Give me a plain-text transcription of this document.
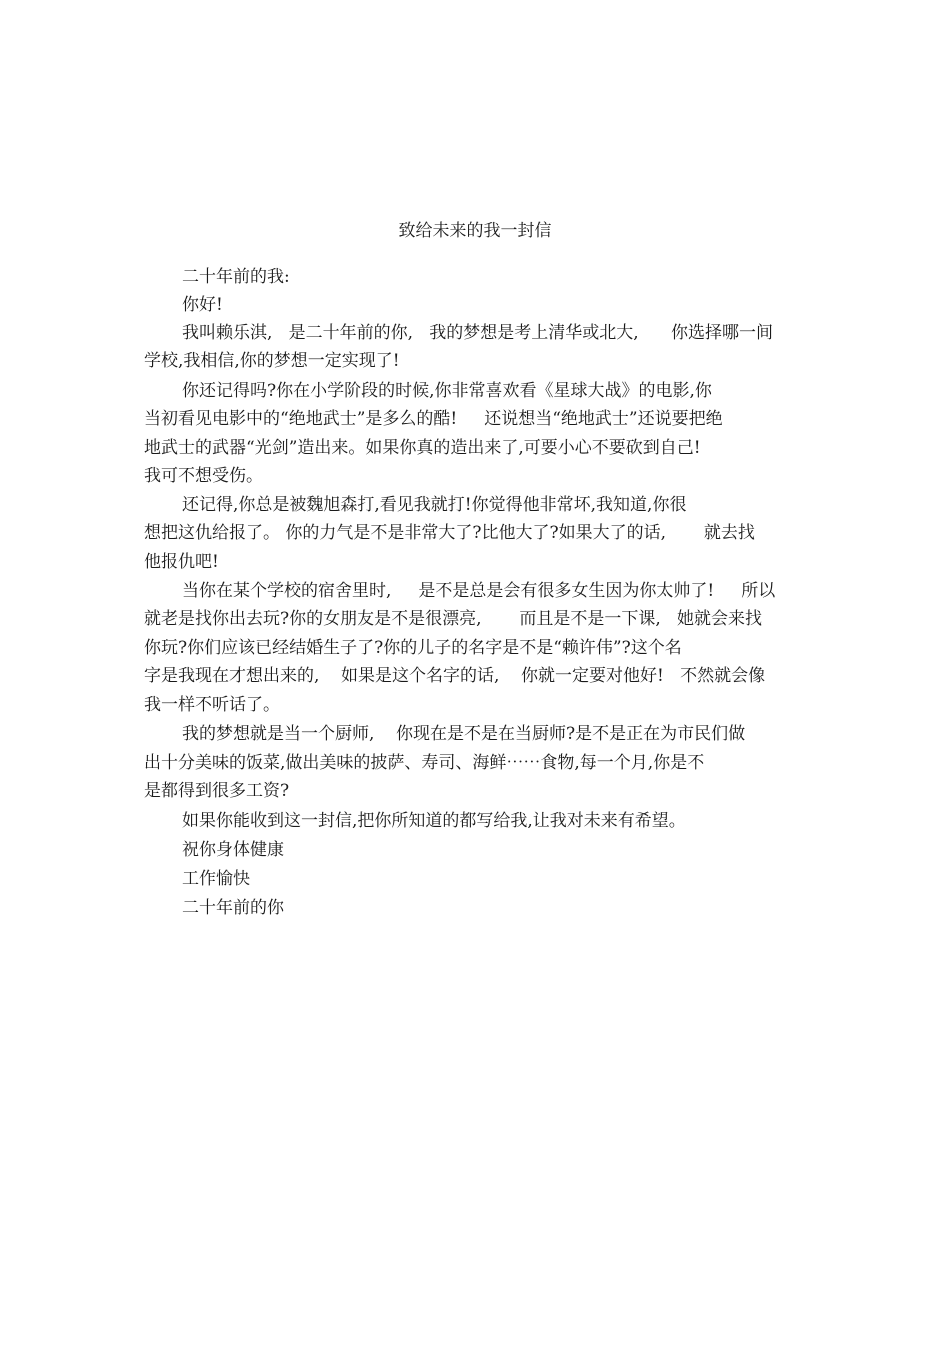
致给未来的我一封信
二十年前的我:
你好!
我叫赖乐淇,   是二十年前的你,   我的梦想是考上清华或北大,      你选择哪一间
学校,我相信,你的梦想一定实现了!
你还记得吗?你在小学阶段的时候,你非常喜欢看《星球大战》的电影,你
当初看见电影中的“绝地武士”是多么的酷!     还说想当“绝地武士”还说要把绝
地武士的武器“光剑”造出来。如果你真的造出来了,可要小心不要砍到自己!
我可不想受伤。
还记得,你总是被魏旭森打,看见我就打!你觉得他非常坏,我知道,你很
想把这仇给报了。 你的力气是不是非常大了?比他大了?如果大了的话,       就去找
他报仇吧!
当你在某个学校的宿舍里时,     是不是总是会有很多女生因为你太帅了!     所以
就老是找你出去玩?你的女朋友是不是很漂亮,       而且是不是一下课,   她就会来找
你玩?你们应该已经结婚生子了?你的儿子的名字是不是“赖许伟”?这个名
字是我现在才想出来的,    如果是这个名字的话,    你就一定要对他好!   不然就会像
我一样不听话了。
我的梦想就是当一个厨师,    你现在是不是在当厨师?是不是正在为市民们做
出十分美味的饭菜,做出美味的披萨、寿司、海鲜⋯⋯食物,每一个月,你是不
是都得到很多工资?
如果你能收到这一封信,把你所知道的都写给我,让我对未来有希望。
祝你身体健康
工作愉快
二十年前的你
